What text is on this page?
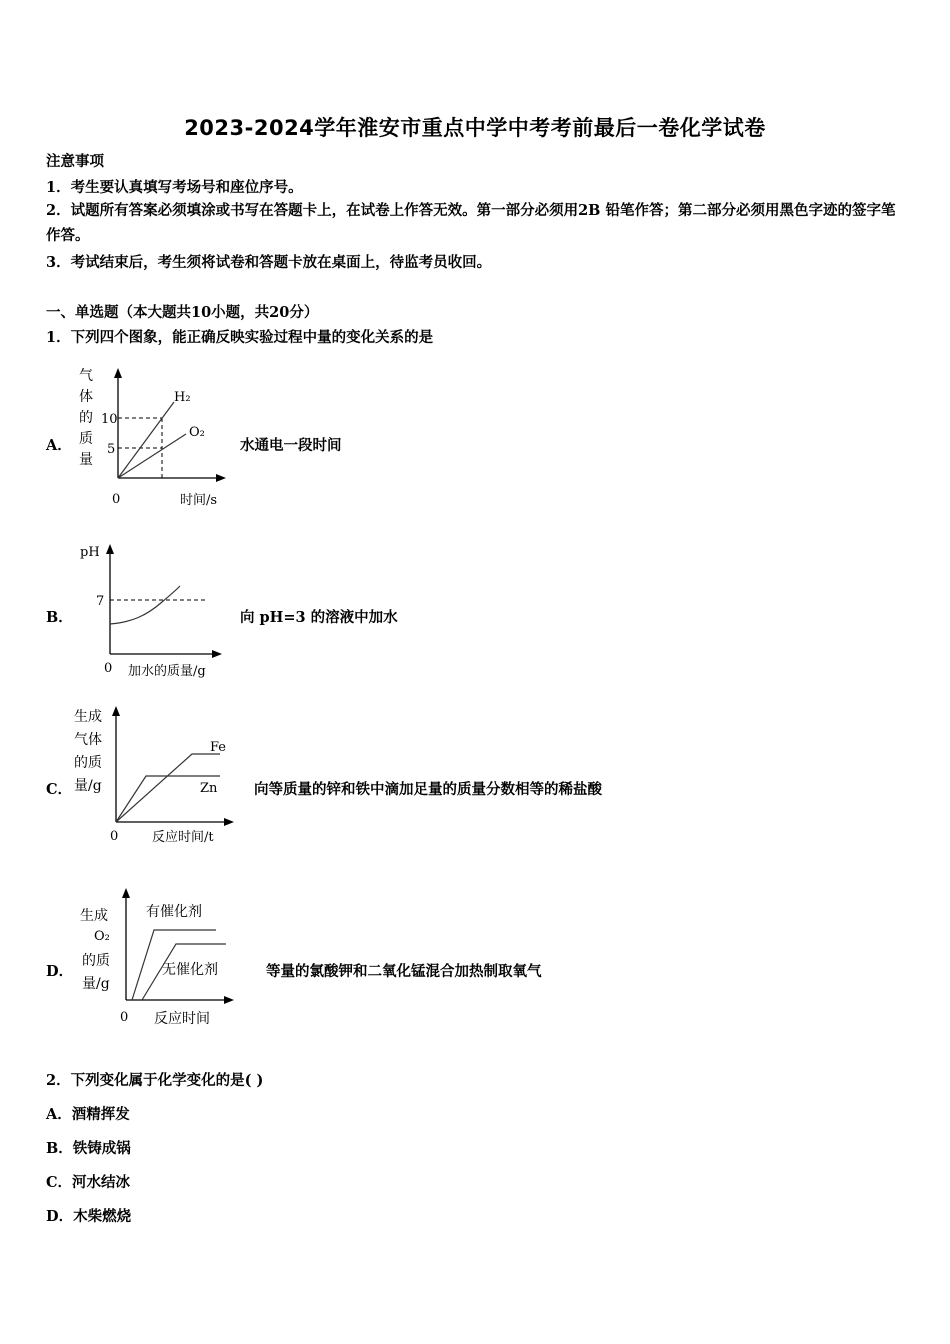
2023-2024学年淮安市重点中学中考考前最后一卷化学试卷
注意事项
1．考生要认真填写考场号和座位序号。
2．试题所有答案必须填涂或书写在答题卡上，在试卷上作答无效。第一部分必须用2B 铅笔作答；第二部分必须用黑色字迹的签字笔作答。
3．考试结束后，考生须将试卷和答题卡放在桌面上，待监考员收回。
一、单选题（本大题共10小题，共20分）
1．下列四个图象，能正确反映实验过程中量的变化关系的是
A．
气
体
的
质
量
10
5
H₂
O₂
0	时间/s
水通电一段时间
B．
pH
7
0 加水的质量/g
向 pH=3 的溶液中加水
C．
生成
气体
的质
量/g
Fe
Zn
0	反应时间/t
向等质量的锌和铁中滴加足量的质量分数相等的稀盐酸
D．
生成
O₂
的质
量/g
有催化剂
无催化剂
0 反应时间
等量的氯酸钾和二氧化锰混合加热制取氧气
2．下列变化属于化学变化的是( )
A．酒精挥发
B．铁铸成锅
C．河水结冰
D．木柴燃烧
